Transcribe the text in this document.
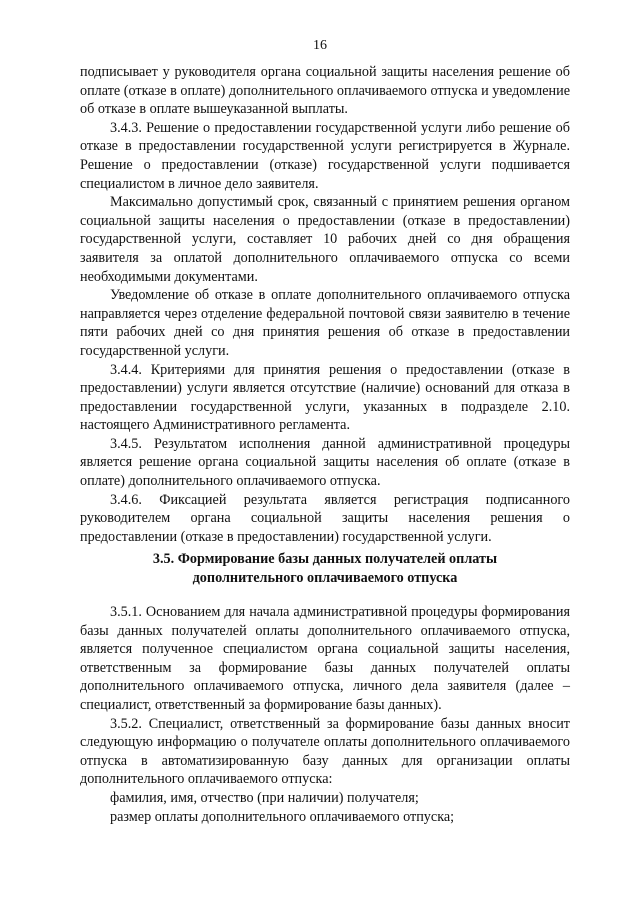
16

подписывает у руководителя органа социальной защиты населения решение об оплате (отказе в оплате) дополнительного оплачиваемого отпуска и уведомление об отказе в оплате вышеуказанной выплаты.

3.4.3. Решение о предоставлении государственной услуги либо решение об отказе в предоставлении государственной услуги регистрируется в Журнале. Решение о предоставлении (отказе) государственной услуги подшивается специалистом в личное дело заявителя.

Максимально допустимый срок, связанный с принятием решения органом социальной защиты населения о предоставлении (отказе в предоставлении) государственной услуги, составляет 10 рабочих дней со дня обращения заявителя за оплатой дополнительного оплачиваемого отпуска со всеми необходимыми документами.

Уведомление об отказе в оплате дополнительного оплачиваемого отпуска направляется через отделение федеральной почтовой связи заявителю в течение пяти рабочих дней со дня принятия решения об отказе в предоставлении государственной услуги.

3.4.4. Критериями для принятия решения о предоставлении (отказе в предоставлении) услуги является отсутствие (наличие) оснований для отказа в предоставлении государственной услуги, указанных в подразделе 2.10. настоящего Административного регламента.

3.4.5. Результатом исполнения данной административной процедуры является решение органа социальной защиты населения об оплате (отказе в оплате) дополнительного оплачиваемого отпуска.

3.4.6. Фиксацией результата является регистрация подписанного руководителем органа социальной защиты населения решения о предоставлении (отказе в предоставлении) государственной услуги.

3.5. Формирование базы данных получателей оплаты
дополнительного оплачиваемого отпуска

3.5.1. Основанием для начала административной процедуры формирования базы данных получателей оплаты дополнительного оплачиваемого отпуска, является полученное специалистом органа социальной защиты населения, ответственным за формирование базы данных получателей оплаты дополнительного оплачиваемого отпуска, личного дела заявителя (далее – специалист, ответственный за формирование базы данных).

3.5.2. Специалист, ответственный за формирование базы данных вносит следующую информацию о получателе оплаты дополнительного оплачиваемого отпуска в автоматизированную базу данных для организации оплаты дополнительного оплачиваемого отпуска:

фамилия, имя, отчество (при наличии) получателя;

размер оплаты дополнительного оплачиваемого отпуска;
